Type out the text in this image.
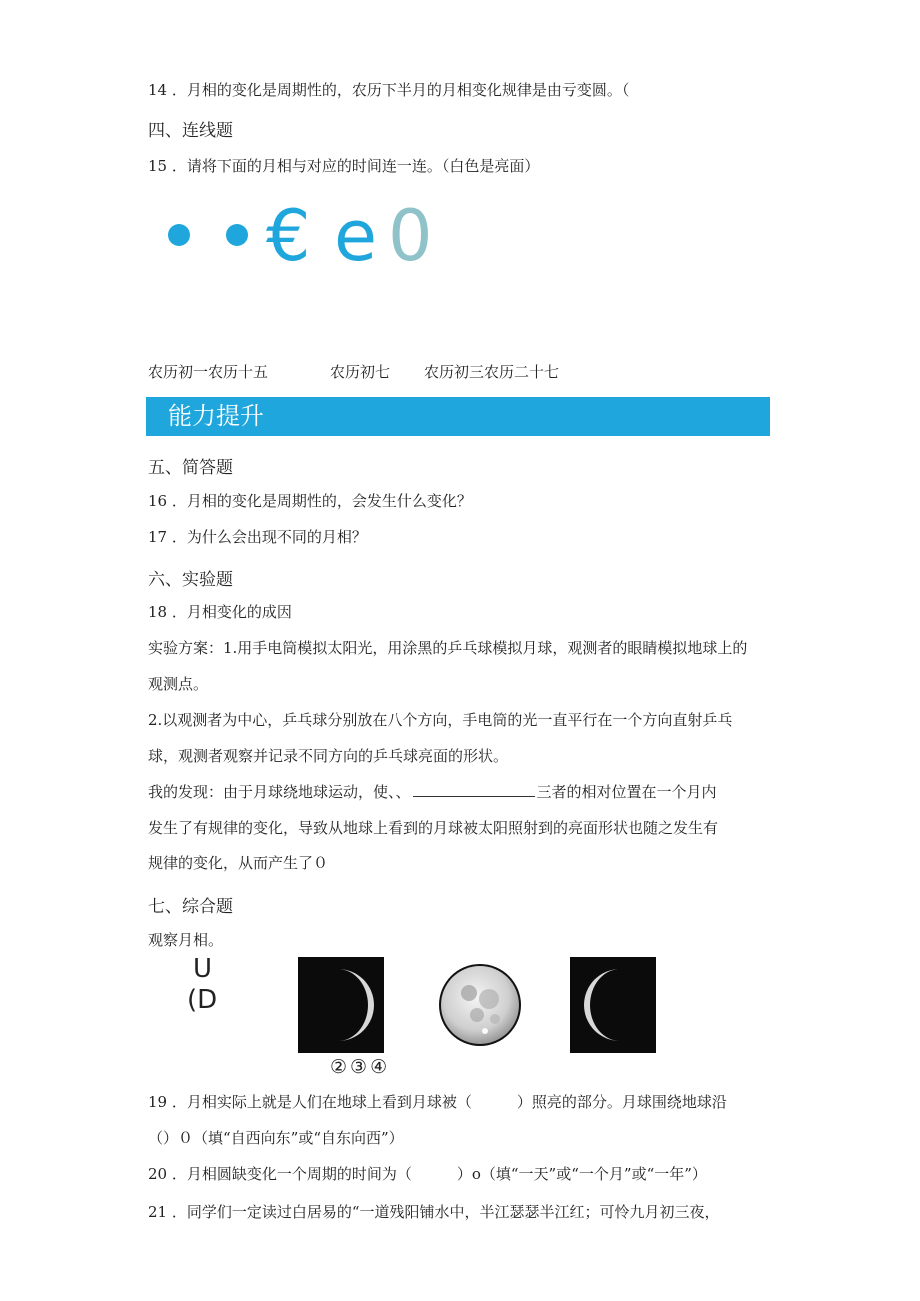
14 ．月相的变化是周期性的，农历下半月的月相变化规律是由亏变圆。（
四、连线题
15 ．请将下面的月相与对应的时间连一连。（白色是亮面）
€ e 0
农历初一农历十五	农历初七 农历初三农历二十七
能力提升
五、简答题
16 ．月相的变化是周期性的，会发生什么变化？
17 ．为什么会出现不同的月相？
六、实验题
18 ．月相变化的成因
实验方案：1.用手电筒模拟太阳光，用涂黑的乒乓球模拟月球，观测者的眼睛模拟地球上的
观测点。
2.以观测者为中心，乒乓球分别放在八个方向，手电筒的光一直平行在一个方向直射乒乓
球，观测者观察并记录不同方向的乒乓球亮面的形状。
我的发现：由于月球绕地球运动，使、、	三者的相对位置在一个月内
发生了有规律的变化，导致从地球上看到的月球被太阳照射到的亮面形状也随之发生有
规律的变化，从而产生了０
七、综合题
观察月相。
U
(D
②③④
19 ．月相实际上就是人们在地球上看到月球被（　　　）照亮的部分。月球围绕地球沿
（）０（填“自西向东”或“自东向西”）
20 ．月相圆缺变化一个周期的时间为（　　　）o（填“一天”或“一个月”或“一年”）
21 ．同学们一定读过白居易的“一道残阳铺水中，半江瑟瑟半江红；可怜九月初三夜，
